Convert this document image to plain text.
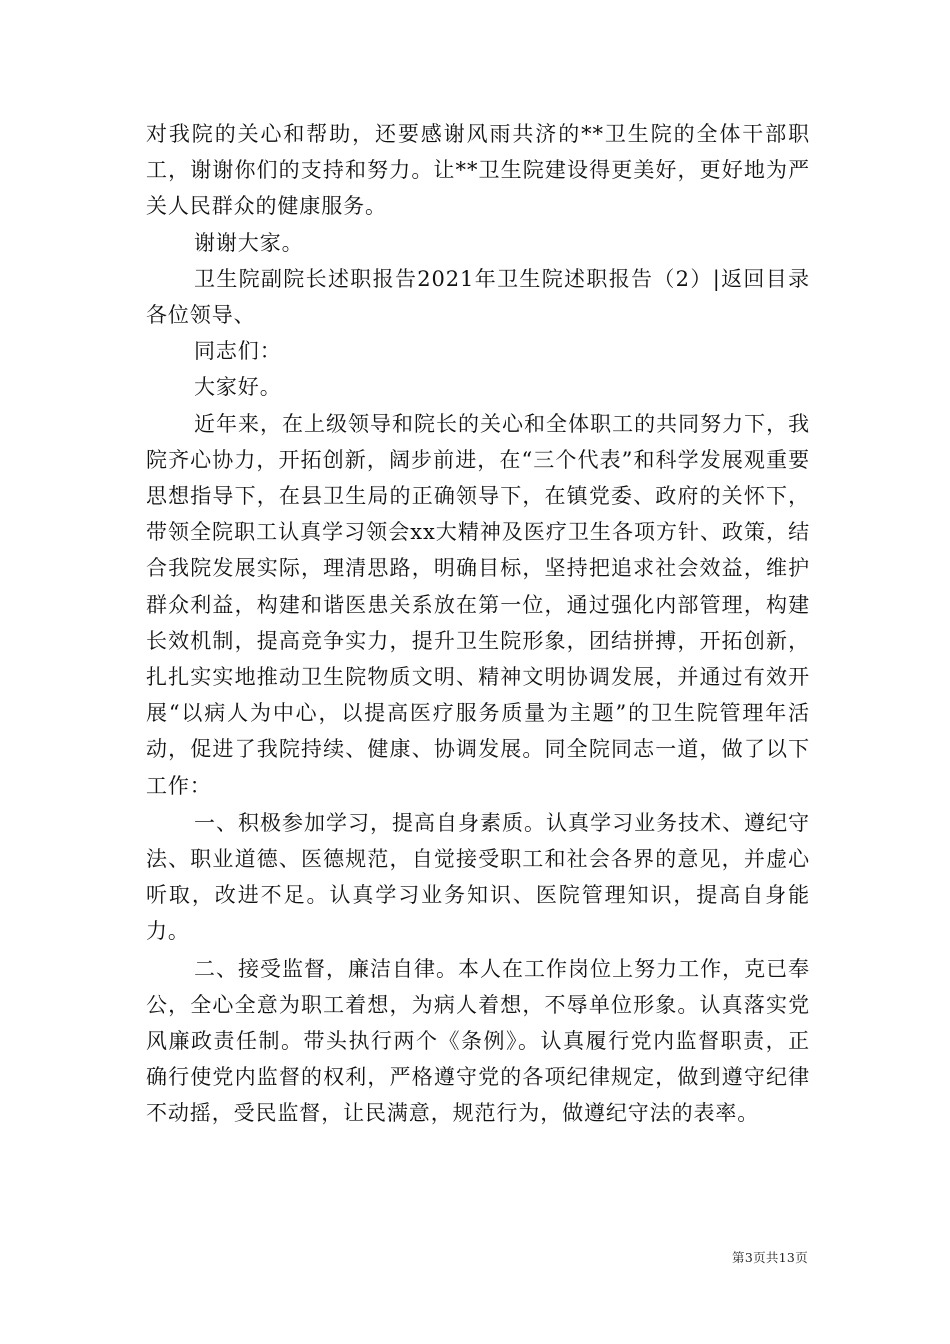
对我院的关心和帮助，还要感谢风雨共济的**卫生院的全体干部职工，谢谢你们的支持和努力。让**卫生院建设得更美好，更好地为严关人民群众的健康服务。

谢谢大家。

卫生院副院长述职报告2021年卫生院述职报告（2）|返回目录各位领导、

同志们：

大家好。

近年来，在上级领导和院长的关心和全体职工的共同努力下，我院齐心协力，开拓创新，阔步前进，在“三个代表”和科学发展观重要思想指导下，在县卫生局的正确领导下，在镇党委、政府的关怀下，带领全院职工认真学习领会xx大精神及医疗卫生各项方针、政策，结合我院发展实际，理清思路，明确目标，坚持把追求社会效益，维护群众利益，构建和谐医患关系放在第一位，通过强化内部管理，构建长效机制，提高竞争实力，提升卫生院形象，团结拼搏，开拓创新，扎扎实实地推动卫生院物质文明、精神文明协调发展，并通过有效开展“以病人为中心，以提高医疗服务质量为主题”的卫生院管理年活动，促进了我院持续、健康、协调发展。同全院同志一道，做了以下工作：

一、积极参加学习，提高自身素质。认真学习业务技术、遵纪守法、职业道德、医德规范，自觉接受职工和社会各界的意见，并虚心听取，改进不足。认真学习业务知识、医院管理知识，提高自身能力。

二、接受监督，廉洁自律。本人在工作岗位上努力工作，克已奉公，全心全意为职工着想，为病人着想，不辱单位形象。认真落实党风廉政责任制。带头执行两个《条例》。认真履行党内监督职责，正确行使党内监督的权利，严格遵守党的各项纪律规定，做到遵守纪律不动摇，受民监督，让民满意，规范行为，做遵纪守法的表率。

第3页共13页
